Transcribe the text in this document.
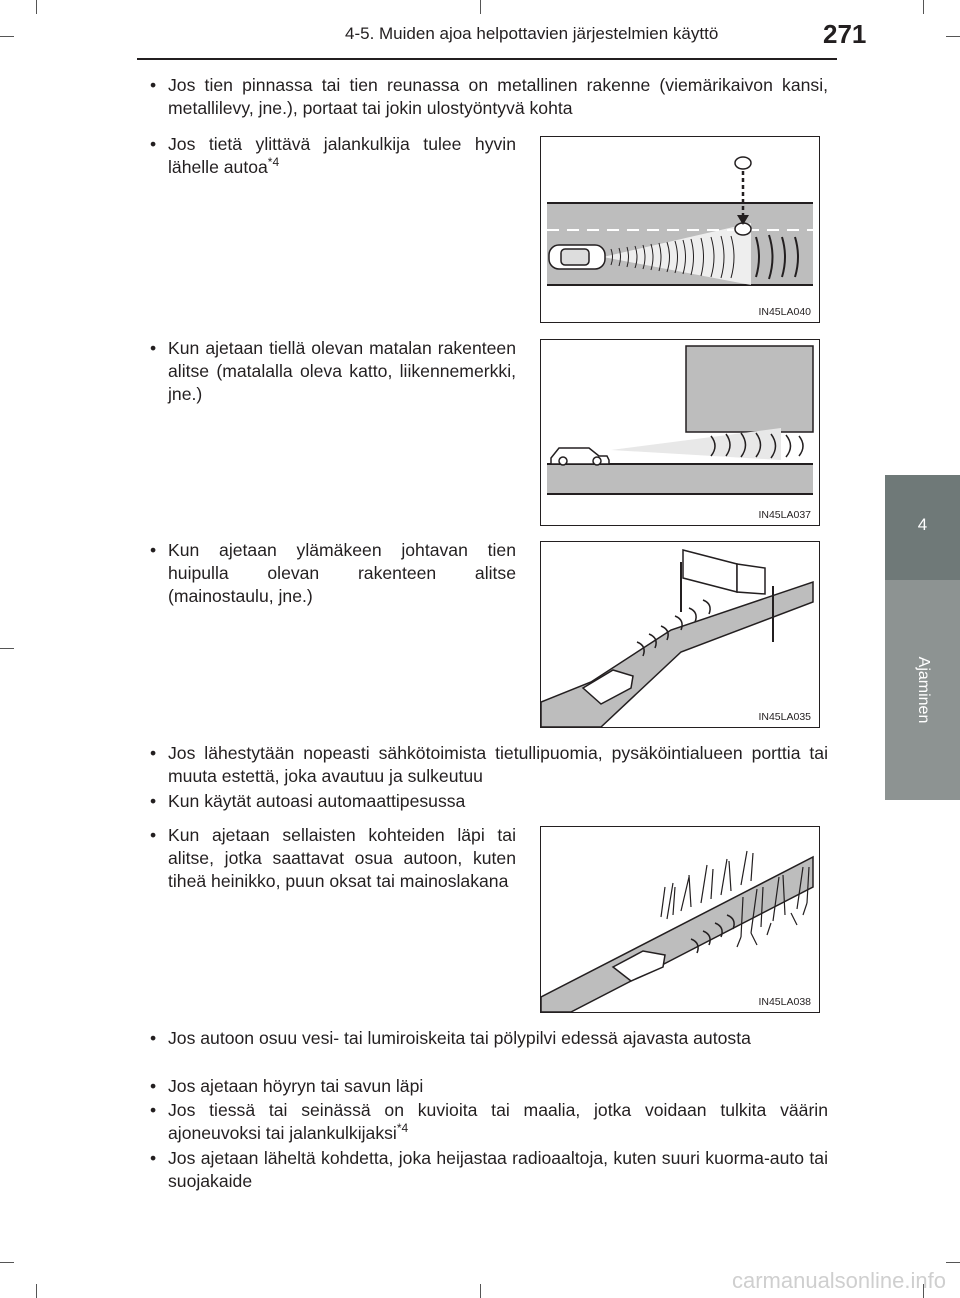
4-5. Muiden ajoa helpottavien järjestelmien käyttö	271
4
Ajaminen
• Jos tien pinnassa tai tien reunassa on metallinen rakenne (viemärikaivon kansi, metallilevy, jne.), portaat tai jokin ulostyöntyvä kohta
• Jos tietä ylittävä jalankulkija tulee hyvin lähelle autoa$^{*4}$
• Kun ajetaan tiellä olevan matalan rakenteen alitse (matalalla oleva katto, liikennemerkki, jne.)
• Kun ajetaan ylämäkeen johtavan tien huipulla olevan rakenteen alitse (mainostaulu, jne.)
• Jos lähestytään nopeasti sähkötoimista tietullipuomia, pysäköintialueen porttia tai muuta estettä, joka avautuu ja sulkeutuu
• Kun käytät autoasi automaattipesussa
• Kun ajetaan sellaisten kohteiden läpi tai alitse, jotka saattavat osua autoon, kuten tiheä heinikko, puun oksat tai mainoslakana
• Jos autoon osuu vesi- tai lumiroiskeita tai pölypilvi edessä ajavasta autosta
• Jos ajetaan höyryn tai savun läpi
• Jos tiessä tai seinässä on kuvioita tai maalia, jotka voidaan tulkita väärin ajoneuvoksi tai jalankulkijaksi$^{*4}$
• Jos ajetaan läheltä kohdetta, joka heijastaa radioaaltoja, kuten suuri kuorma-auto tai suojakaide
IN45LA040
IN45LA037
IN45LA035
IN45LA038
carmanualsonline.info
